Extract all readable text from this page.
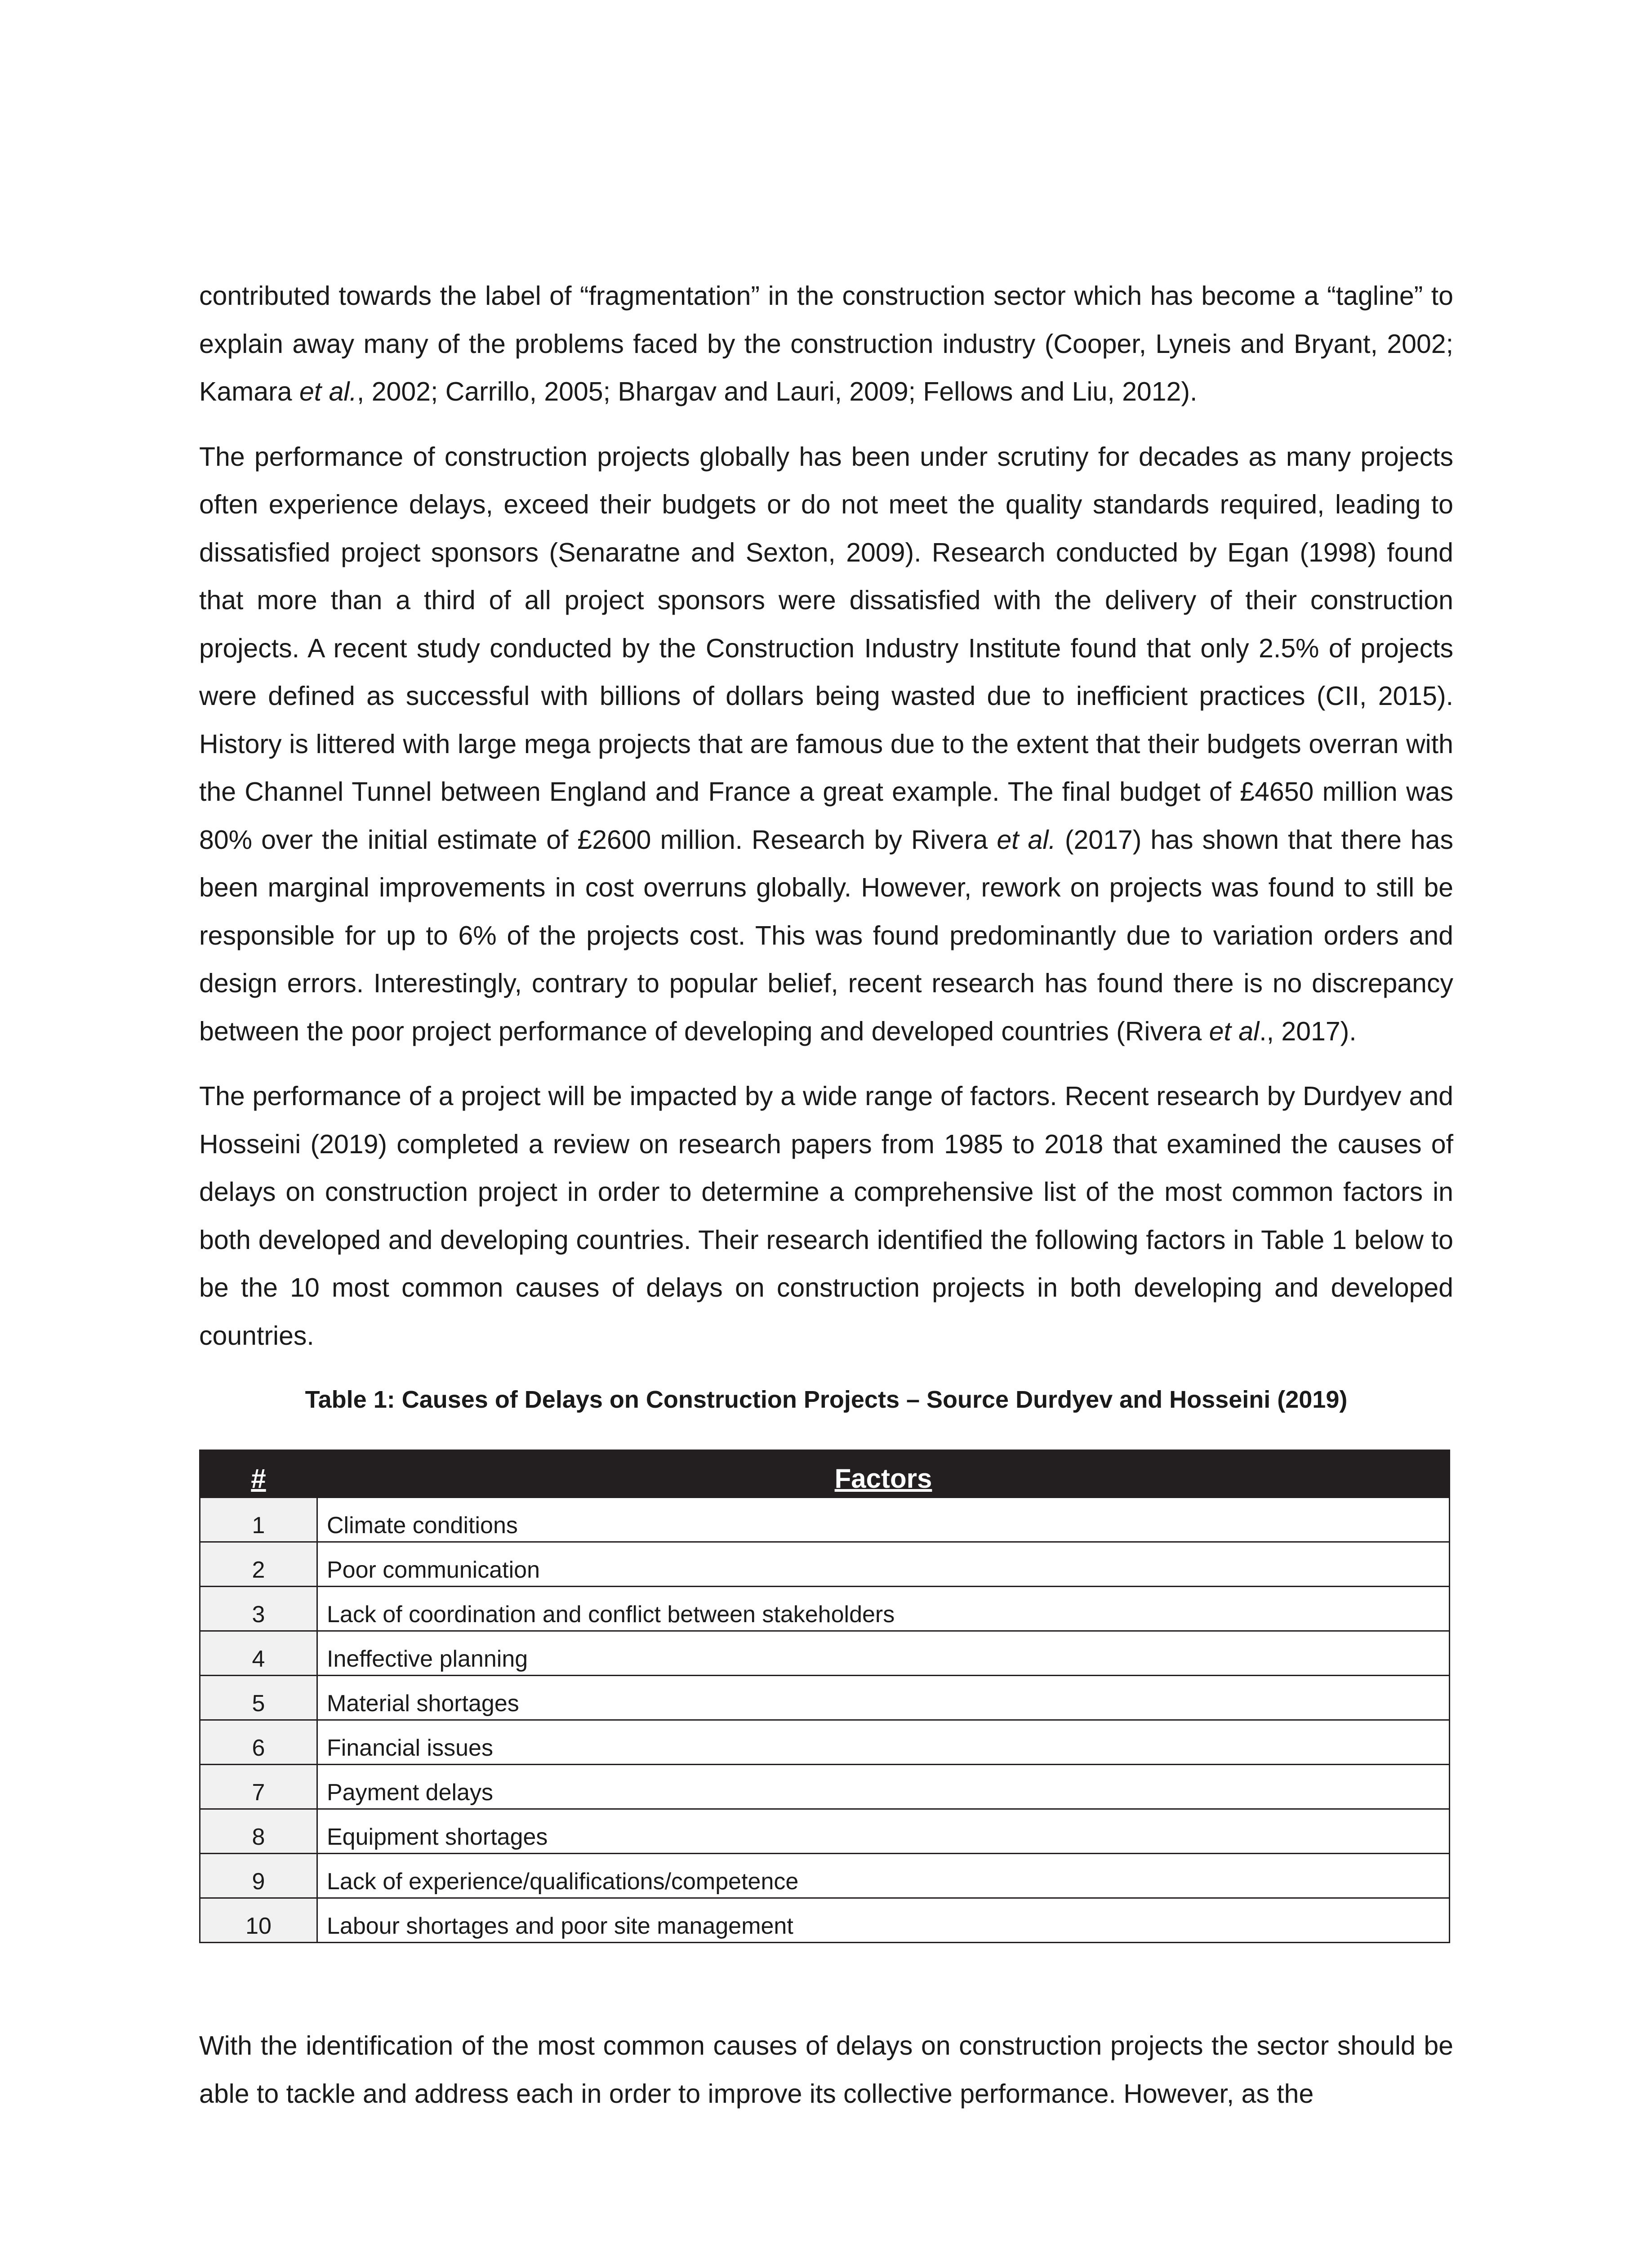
contributed towards the label of “fragmentation” in the construction sector which has become a “tagline” to explain away many of the problems faced by the construction industry (Cooper, Lyneis and Bryant, 2002; Kamara et al., 2002; Carrillo, 2005; Bhargav and Lauri, 2009; Fellows and Liu, 2012).

The performance of construction projects globally has been under scrutiny for decades as many projects often experience delays, exceed their budgets or do not meet the quality standards required, leading to dissatisfied project sponsors (Senaratne and Sexton, 2009). Research conducted by Egan (1998) found that more than a third of all project sponsors were dissatisfied with the delivery of their construction projects. A recent study conducted by the Construction Industry Institute found that only 2.5% of projects were defined as successful with billions of dollars being wasted due to inefficient practices (CII, 2015). History is littered with large mega projects that are famous due to the extent that their budgets overran with the Channel Tunnel between England and France a great example. The final budget of £4650 million was 80% over the initial estimate of £2600 million. Research by Rivera et al. (2017) has shown that there has been marginal improvements in cost overruns globally. However, rework on projects was found to still be responsible for up to 6% of the projects cost. This was found predominantly due to variation orders and design errors. Interestingly, contrary to popular belief, recent research has found there is no discrepancy between the poor project performance of developing and developed countries (Rivera et al., 2017).

The performance of a project will be impacted by a wide range of factors. Recent research by Durdyev and Hosseini (2019) completed a review on research papers from 1985 to 2018 that examined the causes of delays on construction project in order to determine a comprehensive list of the most common factors in both developed and developing countries. Their research identified the following factors in Table 1 below to be the 10 most common causes of delays on construction projects in both developing and developed countries.

Table 1: Causes of Delays on Construction Projects – Source Durdyev and Hosseini (2019)

#	Factors
1	Climate conditions
2	Poor communication
3	Lack of coordination and conflict between stakeholders
4	Ineffective planning
5	Material shortages
6	Financial issues
7	Payment delays
8	Equipment shortages
9	Lack of experience/qualifications/competence
10	Labour shortages and poor site management

With the identification of the most common causes of delays on construction projects the sector should be able to tackle and address each in order to improve its collective performance. However, as the
